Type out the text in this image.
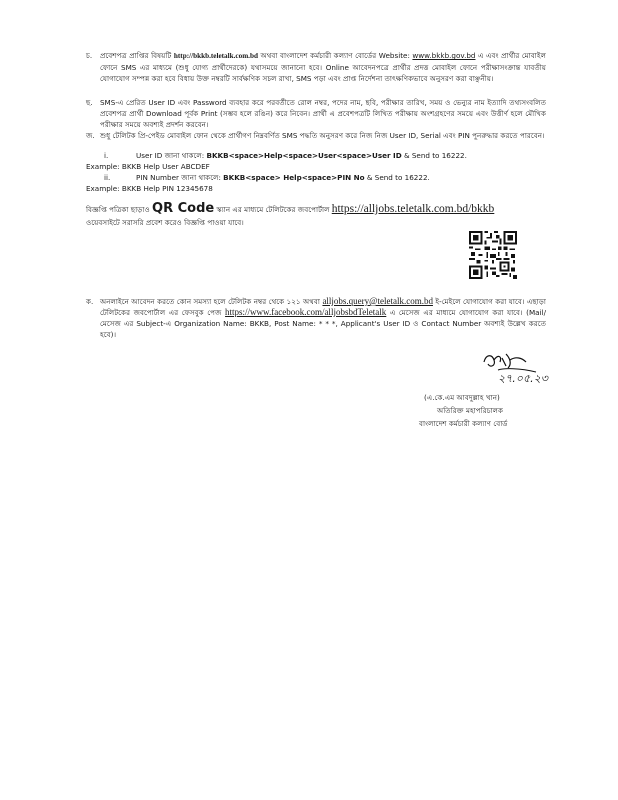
চ. প্রবেশপত্র প্রাপ্তির বিষয়টি http://bkkb.teletalk.com.bd অথবা বাংলাদেশ কর্মচারী কল্যাণ বোর্ডের Website: www.bkkb.gov.bd এ এবং প্রার্থীর মোবাইল ফোনে SMS এর মাধ্যমে (শুধু যোগ্য প্রার্থীদেরকে) যথাসময়ে জানানো হবে। Online আবেদনপত্রে প্রার্থীর প্রদত্ত মোবাইল ফোনে পরীক্ষাসংক্রান্ত যাবতীয় যোগাযোগ সম্পন্ন করা হবে বিধায় উক্ত নম্বরটি সার্বক্ষণিক সচল রাখা, SMS পড়া এবং প্রাপ্ত নির্দেশনা তাৎক্ষণিকভাবে অনুসরণ করা বাঞ্ছনীয়।
ছ. SMS-এ প্রেরিত User ID এবং Password ব্যবহার করে পরবর্তীতে রোল নম্বর, পদের নাম, ছবি, পরীক্ষার তারিখ, সময় ও ভেন্যুর নাম ইত্যাদি তথ্যসংবলিত প্রবেশপত্র প্রার্থী Download পূর্বক Print (সম্ভব হলে রঙিন) করে নিবেন। প্রার্থী এ প্রবেশপত্রটি লিখিত পরীক্ষায় অংশগ্রহণের সময়ে এবং উত্তীর্ণ হলে মৌখিক পরীক্ষার সময়ে অবশ্যই প্রদর্শন করবেন।
জ. শুধু টেলিটক প্রি-পেইড মোবাইল ফোন থেকে প্রার্থীগণ নিম্নবর্ণিত SMS পদ্ধতি অনুসরণ করে নিজ নিজ User ID, Serial এবং PIN পুনরুদ্ধার করতে পারবেন।
i.	User ID জানা থাকলে: BKKB<space>Help<space>User<space>User ID & Send to 16222.
Example: BKKB Help User ABCDEF
ii.	PIN Number জানা থাকলে: BKKB<space> Help<space>PIN No & Send to 16222.
Example: BKKB Help PIN 12345678
বিজ্ঞপ্তি পত্রিকা ছাড়াও QR Code স্ক্যান এর মাধ্যমে টেলিটকের জবপোর্টাল https://alljobs.teletalk.com.bd/bkkb
ওয়েবসাইটে সরাসরি প্রবেশ করেও বিজ্ঞপ্তি পাওয়া যাবে।
ক. অনলাইনে আবেদন করতে কোন সমস্যা হলে টেলিটক নম্বর থেকে ১২১ অথবা alljobs.query@teletalk.com.bd ই-মেইলে যোগাযোগ করা যাবে। এছাড়া টেলিটকের জবপোর্টাল এর ফেসবুক পেজ https://www.facebook.com/alljobsbdTeletalk এ মেসেজ এর মাধ্যমে যোগাযোগ করা যাবে। (Mail/মেসেজ এর Subject-এ Organization Name: BKKB, Post Name: * * *, Applicant's User ID ও Contact Number অবশ্যই উল্লেখ করতে হবে)।
২৭.০৫.২৩
(এ.কে.এম আবদুল্লাহ খান)
অতিরিক্ত মহাপরিচালক
বাংলাদেশ কর্মচারী কল্যাণ বোর্ড
